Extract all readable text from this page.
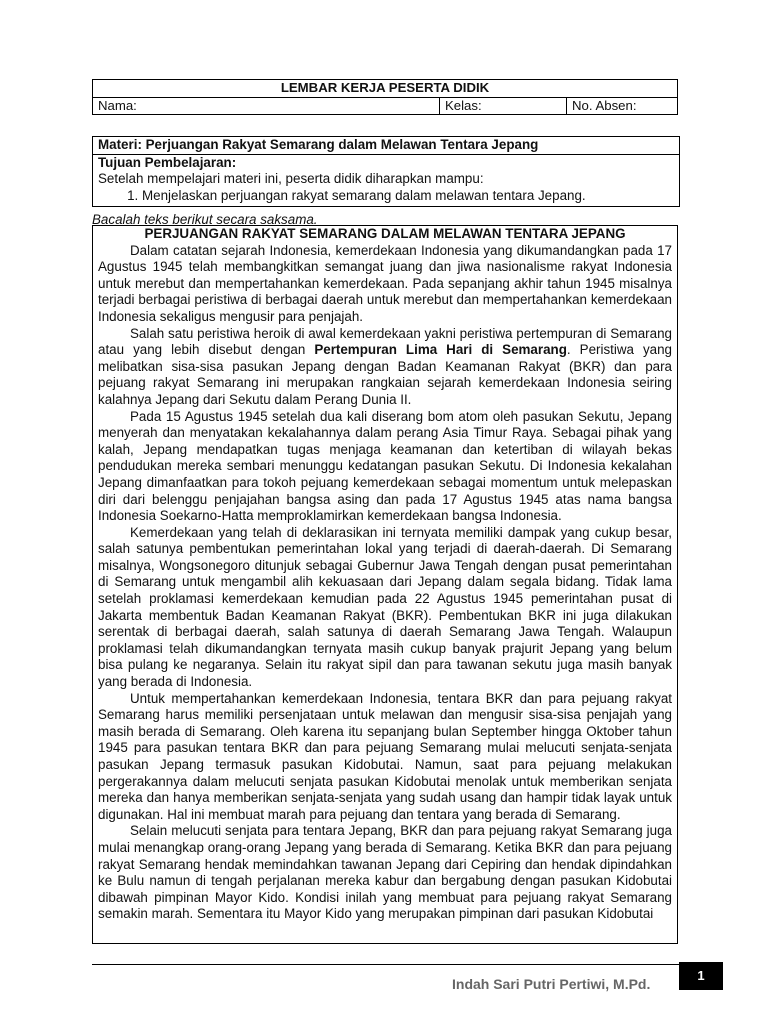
LEMBAR KERJA PESERTA DIDIK
Nama:	Kelas:	No. Absen:
Materi: Perjuangan Rakyat Semarang dalam Melawan Tentara Jepang
Tujuan Pembelajaran:
Setelah mempelajari materi ini, peserta didik diharapkan mampu:
1. Menjelaskan perjuangan rakyat semarang dalam melawan tentara Jepang.
Bacalah teks berikut secara saksama.
PERJUANGAN RAKYAT SEMARANG DALAM MELAWAN TENTARA JEPANG

Dalam catatan sejarah Indonesia, kemerdekaan Indonesia yang dikumandangkan pada 17 Agustus 1945 telah membangkitkan semangat juang dan jiwa nasionalisme rakyat Indonesia untuk merebut dan mempertahankan kemerdekaan. Pada sepanjang akhir tahun 1945 misalnya terjadi berbagai peristiwa di berbagai daerah untuk merebut dan mempertahankan kemerdekaan Indonesia sekaligus mengusir para penjajah.

Salah satu peristiwa heroik di awal kemerdekaan yakni peristiwa pertempuran di Semarang atau yang lebih disebut dengan Pertempuran Lima Hari di Semarang. Peristiwa yang melibatkan sisa-sisa pasukan Jepang dengan Badan Keamanan Rakyat (BKR) dan para pejuang rakyat Semarang ini merupakan rangkaian sejarah kemerdekaan Indonesia seiring kalahnya Jepang dari Sekutu dalam Perang Dunia II.

Pada 15 Agustus 1945 setelah dua kali diserang bom atom oleh pasukan Sekutu, Jepang menyerah dan menyatakan kekalahannya dalam perang Asia Timur Raya. Sebagai pihak yang kalah, Jepang mendapatkan tugas menjaga keamanan dan ketertiban di wilayah bekas pendudukan mereka sembari menunggu kedatangan pasukan Sekutu. Di Indonesia kekalahan Jepang dimanfaatkan para tokoh pejuang kemerdekaan sebagai momentum untuk melepaskan diri dari belenggu penjajahan bangsa asing dan pada 17 Agustus 1945 atas nama bangsa Indonesia Soekarno-Hatta memproklamirkan kemerdekaan bangsa Indonesia.

Kemerdekaan yang telah di deklarasikan ini ternyata memiliki dampak yang cukup besar, salah satunya pembentukan pemerintahan lokal yang terjadi di daerah-daerah. Di Semarang misalnya, Wongsonegoro ditunjuk sebagai Gubernur Jawa Tengah dengan pusat pemerintahan di Semarang untuk mengambil alih kekuasaan dari Jepang dalam segala bidang. Tidak lama setelah proklamasi kemerdekaan kemudian pada 22 Agustus 1945 pemerintahan pusat di Jakarta membentuk Badan Keamanan Rakyat (BKR). Pembentukan BKR ini juga dilakukan serentak di berbagai daerah, salah satunya di daerah Semarang Jawa Tengah. Walaupun proklamasi telah dikumandangkan ternyata masih cukup banyak prajurit Jepang yang belum bisa pulang ke negaranya. Selain itu rakyat sipil dan para tawanan sekutu juga masih banyak yang berada di Indonesia.

Untuk mempertahankan kemerdekaan Indonesia, tentara BKR dan para pejuang rakyat Semarang harus memiliki persenjataan untuk melawan dan mengusir sisa-sisa penjajah yang masih berada di Semarang. Oleh karena itu sepanjang bulan September hingga Oktober tahun 1945 para pasukan tentara BKR dan para pejuang Semarang mulai melucuti senjata-senjata pasukan Jepang termasuk pasukan Kidobutai. Namun, saat para pejuang melakukan pergerakannya dalam melucuti senjata pasukan Kidobutai menolak untuk memberikan senjata mereka dan hanya memberikan senjata-senjata yang sudah usang dan hampir tidak layak untuk digunakan. Hal ini membuat marah para pejuang dan tentara yang berada di Semarang.

Selain melucuti senjata para tentara Jepang, BKR dan para pejuang rakyat Semarang juga mulai menangkap orang-orang Jepang yang berada di Semarang. Ketika BKR dan para pejuang rakyat Semarang hendak memindahkan tawanan Jepang dari Cepiring dan hendak dipindahkan ke Bulu namun di tengah perjalanan mereka kabur dan bergabung dengan pasukan Kidobutai dibawah pimpinan Mayor Kido. Kondisi inilah yang membuat para pejuang rakyat Semarang semakin marah. Sementara itu Mayor Kido yang merupakan pimpinan dari pasukan Kidobutai

Indah Sari Putri Pertiwi, M.Pd.
1
